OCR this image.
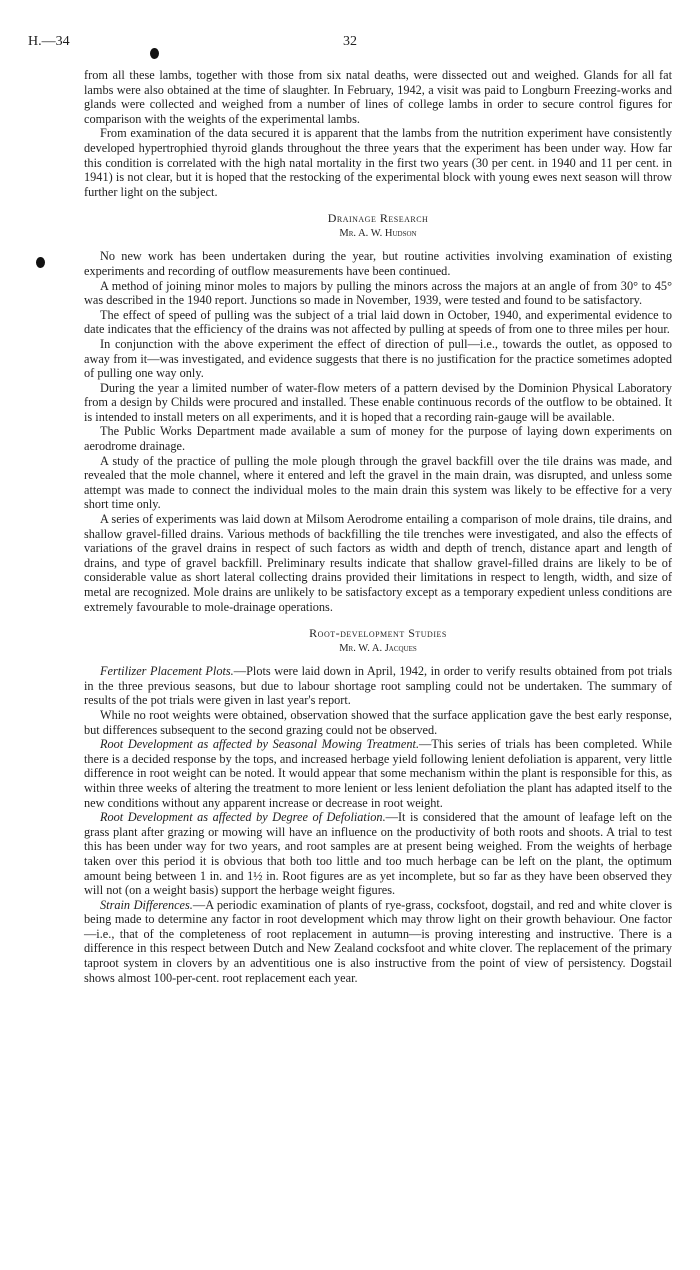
H.—34	32

from all these lambs, together with those from six natal deaths, were dissected out and weighed. Glands for all fat lambs were also obtained at the time of slaughter. In February, 1942, a visit was paid to Longburn Freezing-works and glands were collected and weighed from a number of lines of college lambs in order to secure control figures for comparison with the weights of the experimental lambs.

From examination of the data secured it is apparent that the lambs from the nutrition experiment have consistently developed hypertrophied thyroid glands throughout the three years that the experiment has been under way. How far this condition is correlated with the high natal mortality in the first two years (30 per cent. in 1940 and 11 per cent. in 1941) is not clear, but it is hoped that the restocking of the experimental block with young ewes next season will throw further light on the subject.

Drainage Research
Mr. A. W. Hudson

No new work has been undertaken during the year, but routine activities involving examination of existing experiments and recording of outflow measurements have been continued.

A method of joining minor moles to majors by pulling the minors across the majors at an angle of from 30° to 45° was described in the 1940 report. Junctions so made in November, 1939, were tested and found to be satisfactory.

The effect of speed of pulling was the subject of a trial laid down in October, 1940, and experimental evidence to date indicates that the efficiency of the drains was not affected by pulling at speeds of from one to three miles per hour.

In conjunction with the above experiment the effect of direction of pull—i.e., towards the outlet, as opposed to away from it—was investigated, and evidence suggests that there is no justification for the practice sometimes adopted of pulling one way only.

During the year a limited number of water-flow meters of a pattern devised by the Dominion Physical Laboratory from a design by Childs were procured and installed. These enable continuous records of the outflow to be obtained. It is intended to install meters on all experiments, and it is hoped that a recording rain-gauge will be available.

The Public Works Department made available a sum of money for the purpose of laying down experiments on aerodrome drainage.

A study of the practice of pulling the mole plough through the gravel backfill over the tile drains was made, and revealed that the mole channel, where it entered and left the gravel in the main drain, was disrupted, and unless some attempt was made to connect the individual moles to the main drain this system was likely to be effective for a very short time only.

A series of experiments was laid down at Milsom Aerodrome entailing a comparison of mole drains, tile drains, and shallow gravel-filled drains. Various methods of backfilling the tile trenches were investigated, and also the effects of variations of the gravel drains in respect of such factors as width and depth of trench, distance apart and length of drains, and type of gravel backfill. Preliminary results indicate that shallow gravel-filled drains are likely to be of considerable value as short lateral collecting drains provided their limitations in respect to length, width, and size of metal are recognized. Mole drains are unlikely to be satisfactory except as a temporary expedient unless conditions are extremely favourable to mole-drainage operations.

Root-development Studies
Mr. W. A. Jacques

Fertilizer Placement Plots.—Plots were laid down in April, 1942, in order to verify results obtained from pot trials in the three previous seasons, but due to labour shortage root sampling could not be undertaken. The summary of results of the pot trials were given in last year's report.

While no root weights were obtained, observation showed that the surface application gave the best early response, but differences subsequent to the second grazing could not be observed.

Root Development as affected by Seasonal Mowing Treatment.—This series of trials has been completed. While there is a decided response by the tops, and increased herbage yield following lenient defoliation is apparent, very little difference in root weight can be noted. It would appear that some mechanism within the plant is responsible for this, as within three weeks of altering the treatment to more lenient or less lenient defoliation the plant has adapted itself to the new conditions without any apparent increase or decrease in root weight.

Root Development as affected by Degree of Defoliation.—It is considered that the amount of leafage left on the grass plant after grazing or mowing will have an influence on the productivity of both roots and shoots. A trial to test this has been under way for two years, and root samples are at present being weighed. From the weights of herbage taken over this period it is obvious that both too little and too much herbage can be left on the plant, the optimum amount being between 1 in. and 1½ in. Root figures are as yet incomplete, but so far as they have been observed they will not (on a weight basis) support the herbage weight figures.

Strain Differences.—A periodic examination of plants of rye-grass, cocksfoot, dogstail, and red and white clover is being made to determine any factor in root development which may throw light on their growth behaviour. One factor—i.e., that of the completeness of root replacement in autumn—is proving interesting and instructive. There is a difference in this respect between Dutch and New Zealand cocksfoot and white clover. The replacement of the primary taproot system in clovers by an adventitious one is also instructive from the point of view of persistency. Dogstail shows almost 100-per-cent. root replacement each year.
